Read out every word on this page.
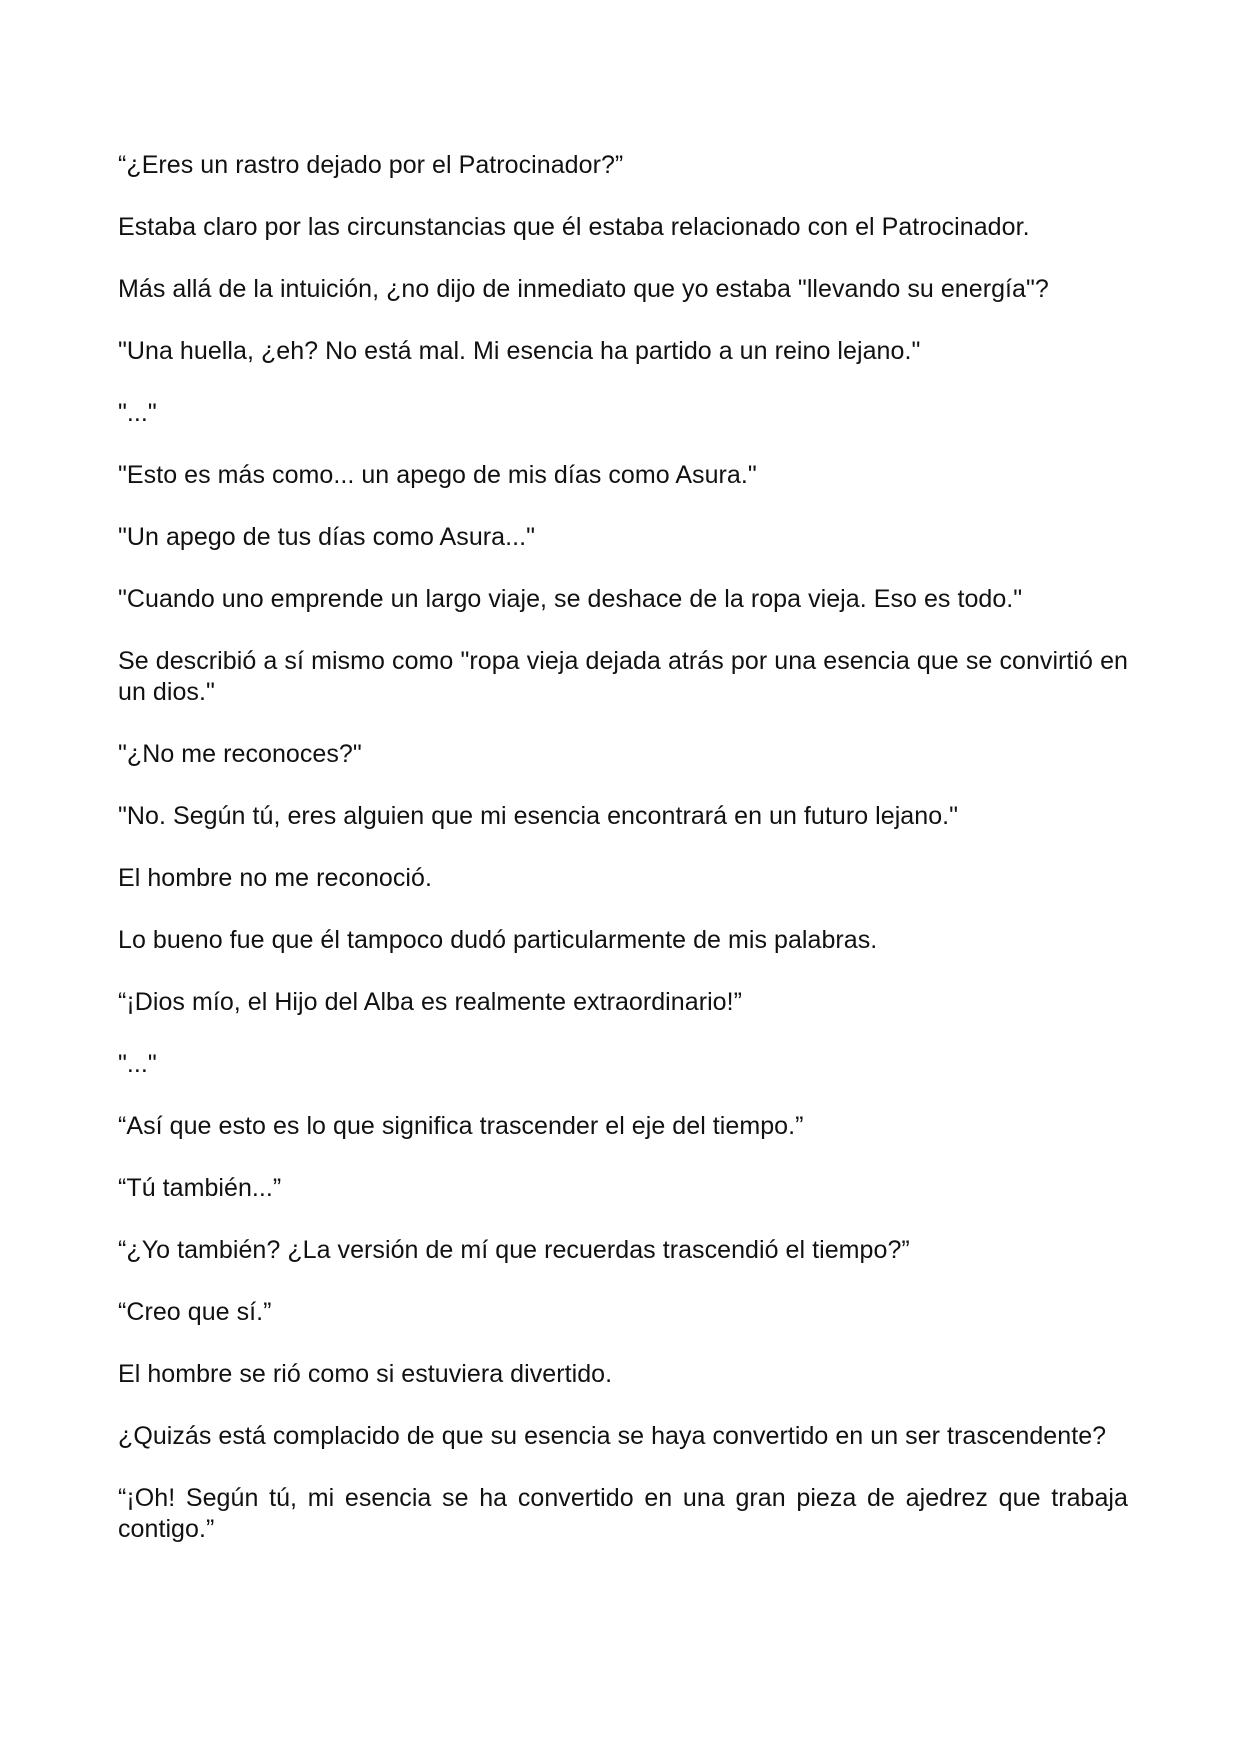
“¿Eres un rastro dejado por el Patrocinador?”

Estaba claro por las circunstancias que él estaba relacionado con el Patrocinador.

Más allá de la intuición, ¿no dijo de inmediato que yo estaba "llevando su energía"?

"Una huella, ¿eh? No está mal. Mi esencia ha partido a un reino lejano."

"..."

"Esto es más como... un apego de mis días como Asura."

"Un apego de tus días como Asura..."

"Cuando uno emprende un largo viaje, se deshace de la ropa vieja. Eso es todo."

Se describió a sí mismo como "ropa vieja dejada atrás por una esencia que se convirtió en un dios."

"¿No me reconoces?"

"No. Según tú, eres alguien que mi esencia encontrará en un futuro lejano."

El hombre no me reconoció.

Lo bueno fue que él tampoco dudó particularmente de mis palabras.

“¡Dios mío, el Hijo del Alba es realmente extraordinario!”

"..."

“Así que esto es lo que significa trascender el eje del tiempo.”

“Tú también...”

“¿Yo también? ¿La versión de mí que recuerdas trascendió el tiempo?”

“Creo que sí.”

El hombre se rió como si estuviera divertido.

¿Quizás está complacido de que su esencia se haya convertido en un ser trascendente?

“¡Oh! Según tú, mi esencia se ha convertido en una gran pieza de ajedrez que trabaja contigo.”
